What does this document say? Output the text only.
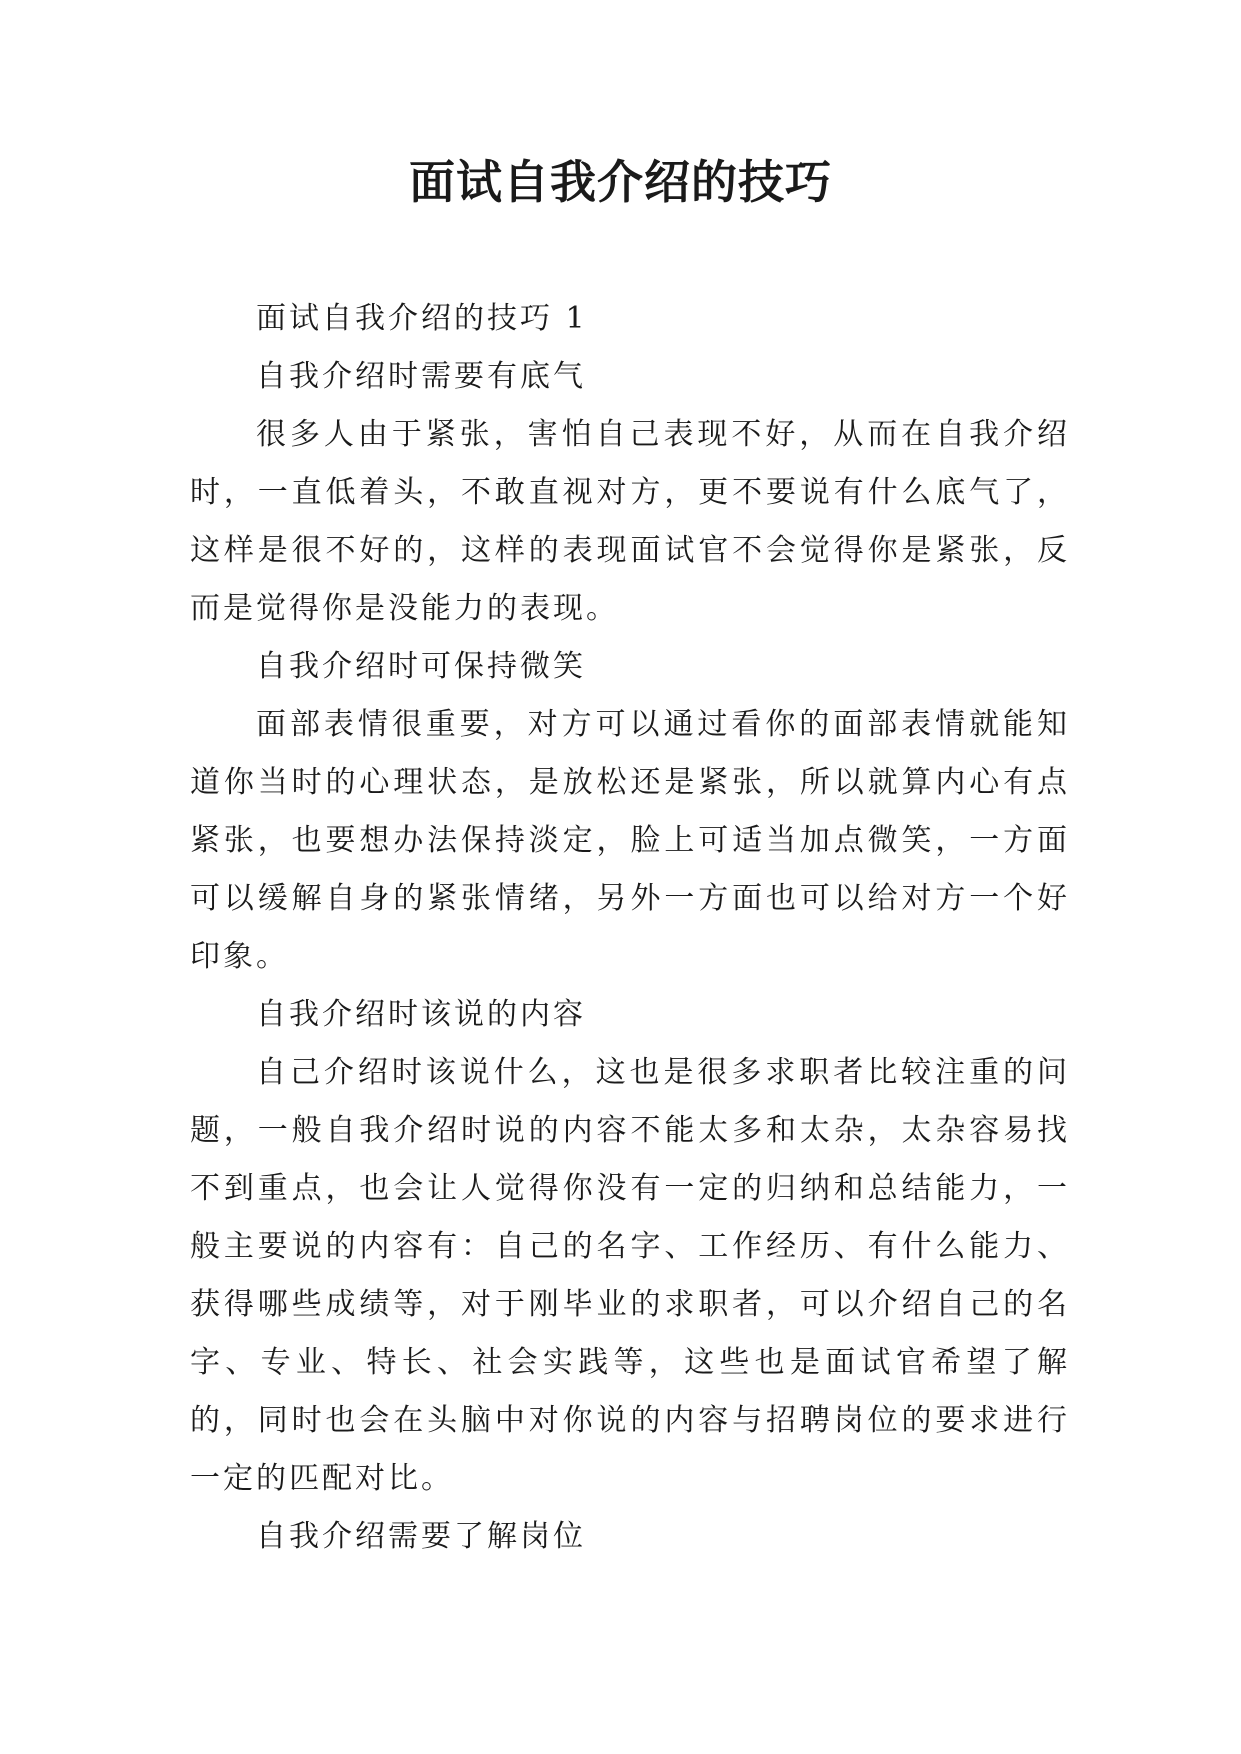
面试自我介绍的技巧

面试自我介绍的技巧 1

自我介绍时需要有底气

很多人由于紧张，害怕自己表现不好，从而在自我介绍时，一直低着头，不敢直视对方，更不要说有什么底气了，这样是很不好的，这样的表现面试官不会觉得你是紧张，反而是觉得你是没能力的表现。

自我介绍时可保持微笑

面部表情很重要，对方可以通过看你的面部表情就能知道你当时的心理状态，是放松还是紧张，所以就算内心有点紧张，也要想办法保持淡定，脸上可适当加点微笑，一方面可以缓解自身的紧张情绪，另外一方面也可以给对方一个好印象。

自我介绍时该说的内容

自己介绍时该说什么，这也是很多求职者比较注重的问题，一般自我介绍时说的内容不能太多和太杂，太杂容易找不到重点，也会让人觉得你没有一定的归纳和总结能力，一般主要说的内容有：自己的名字、工作经历、有什么能力、获得哪些成绩等，对于刚毕业的求职者，可以介绍自己的名字、专业、特长、社会实践等，这些也是面试官希望了解的，同时也会在头脑中对你说的内容与招聘岗位的要求进行一定的匹配对比。

自我介绍需要了解岗位
